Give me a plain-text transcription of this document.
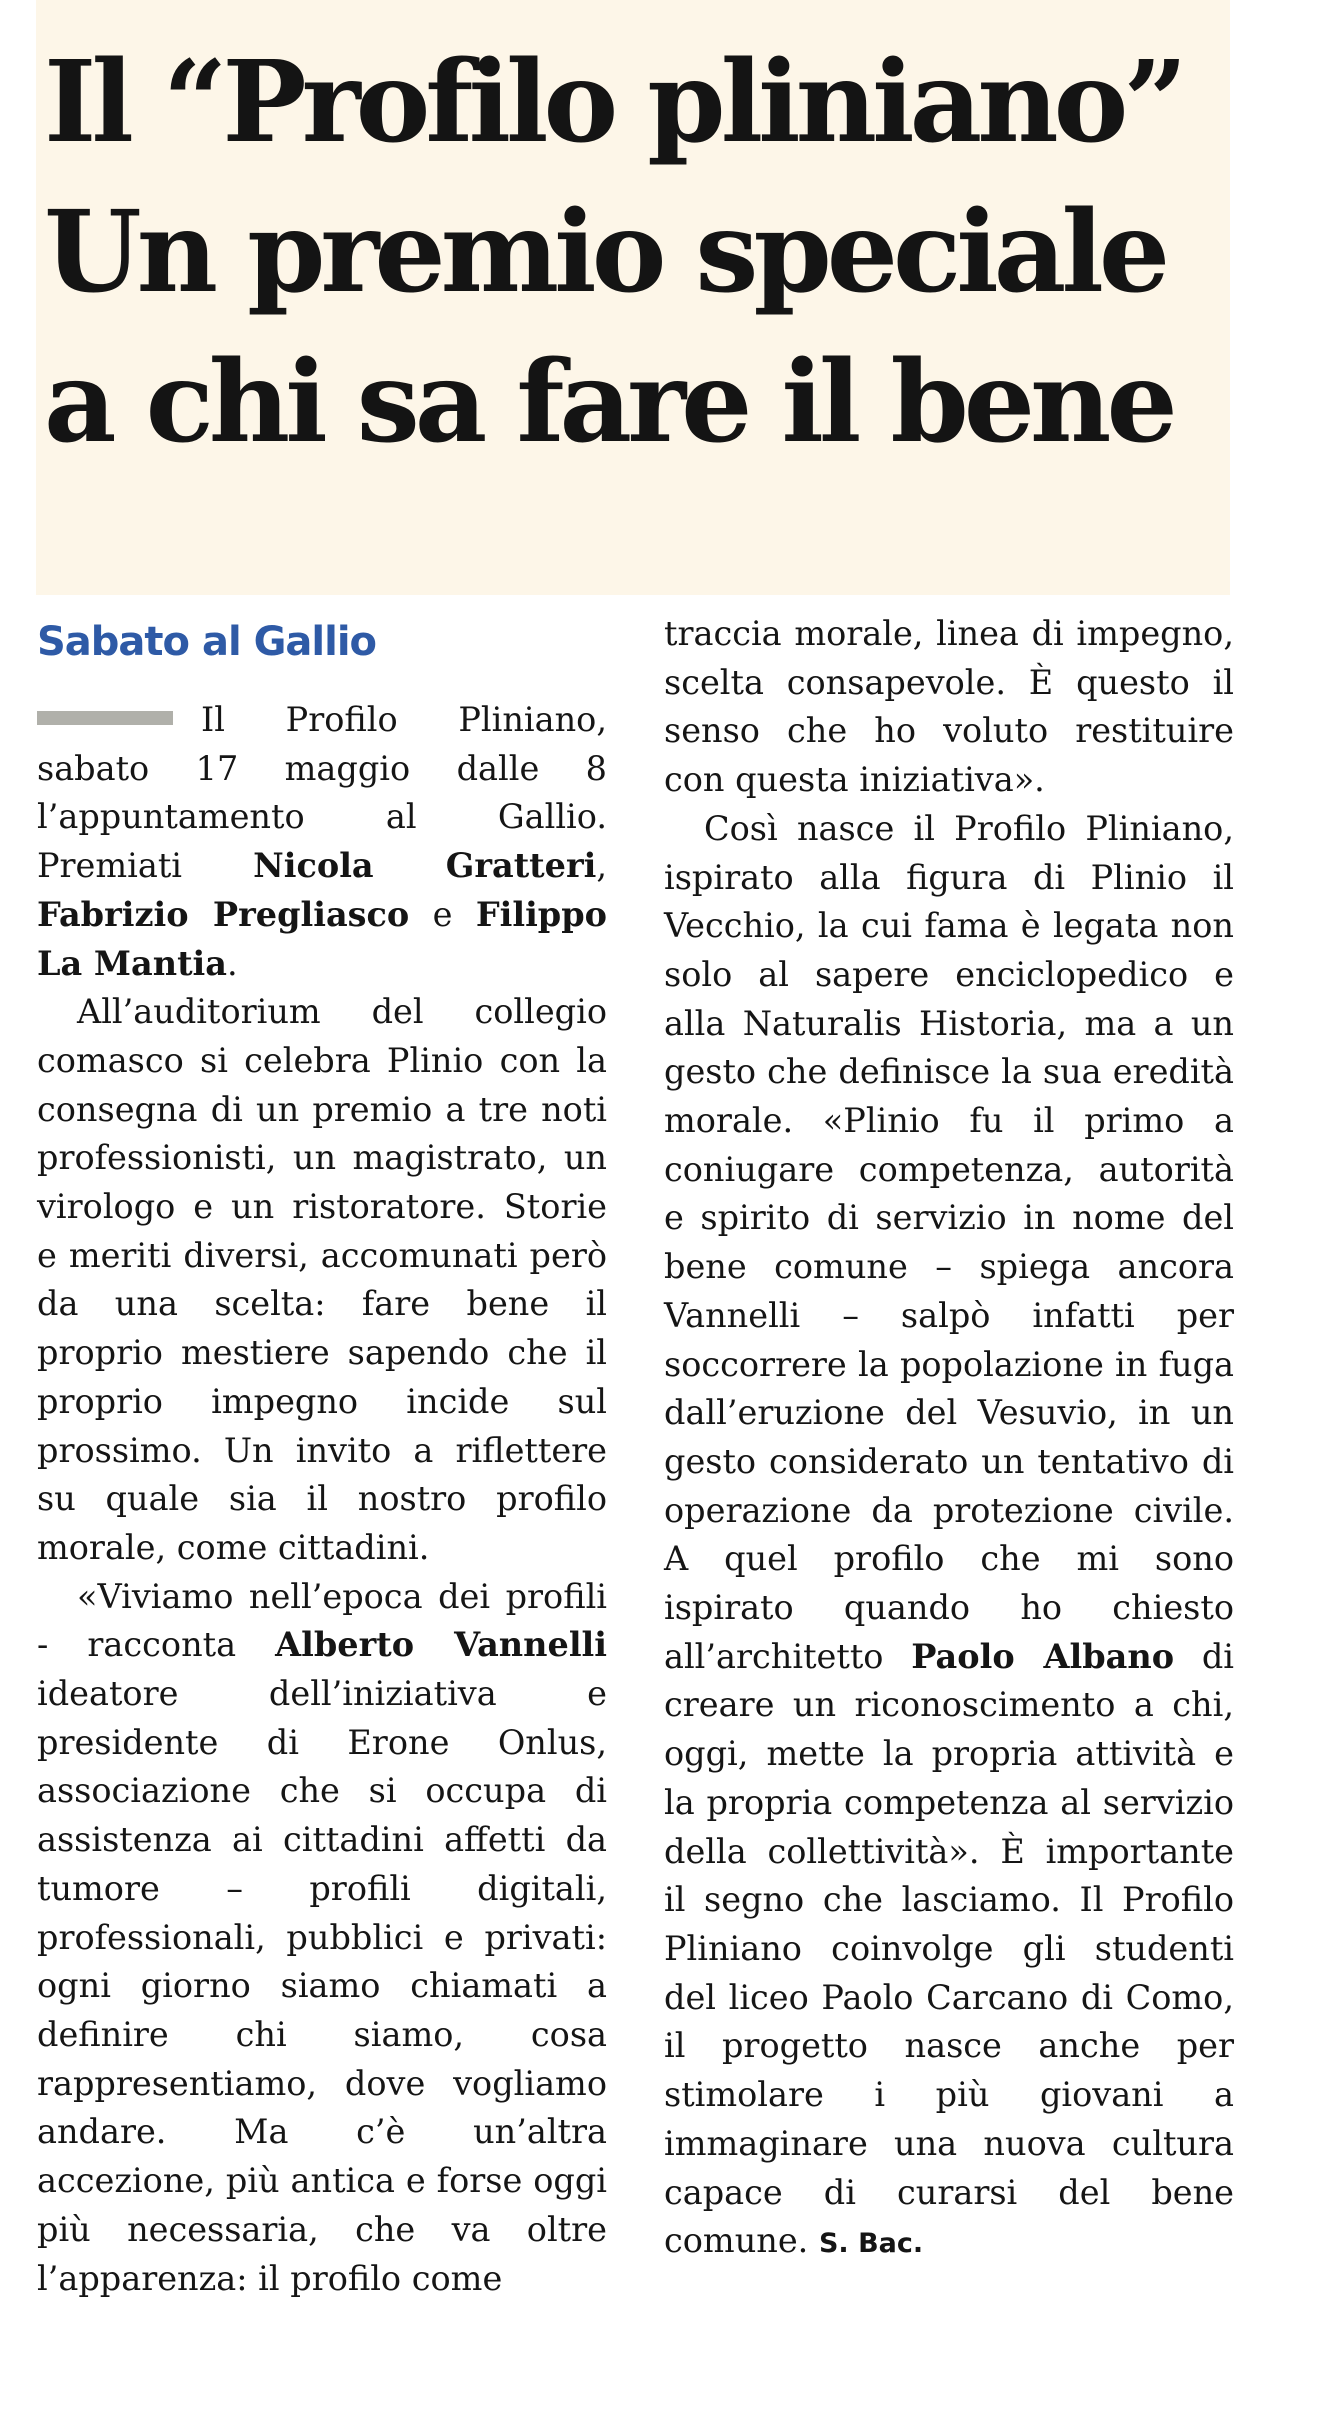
Il “Profilo pliniano”
Un premio speciale
a chi sa fare il bene
Sabato al Gallio

Il Profilo Pliniano, sabato 17 maggio dalle 8 l’appuntamento al Gallio. Premiati Nicola Gratteri, Fabrizio Pregliasco e Filippo La Mantia.

All’auditorium del collegio comasco si celebra Plinio con la consegna di un premio a tre noti professionisti, un magistrato, un virologo e un ristoratore. Storie e meriti diversi, accomunati però da una scelta: fare bene il proprio mestiere sapendo che il proprio impegno incide sul prossimo. Un invito a riflettere su quale sia il nostro profilo morale, come cittadini.

«Viviamo nell’epoca dei profili - racconta Alberto Vannelli ideatore dell’iniziativa e presidente di Erone Onlus, associazione che si occupa di assistenza ai cittadini affetti da tumore – profili digitali, professionali, pubblici e privati: ogni giorno siamo chiamati a definire chi siamo, cosa rappresentiamo, dove vogliamo andare. Ma c’è un’altra accezione, più antica e forse oggi più necessaria, che va oltre l’apparenza: il profilo come

traccia morale, linea di impegno, scelta consapevole. È questo il senso che ho voluto restituire con questa iniziativa».

Così nasce il Profilo Pliniano, ispirato alla figura di Plinio il Vecchio, la cui fama è legata non solo al sapere enciclopedico e alla Naturalis Historia, ma a un gesto che definisce la sua eredità morale. «Plinio fu il primo a coniugare competenza, autorità e spirito di servizio in nome del bene comune – spiega ancora Vannelli – salpò infatti per soccorrere la popolazione in fuga dall’eruzione del Vesuvio, in un gesto considerato un tentativo di operazione da protezione civile. A quel profilo che mi sono ispirato quando ho chiesto all’architetto Paolo Albano di creare un riconoscimento a chi, oggi, mette la propria attività e la propria competenza al servizio della collettività». È importante il segno che lasciamo. Il Profilo Pliniano coinvolge gli studenti del liceo Paolo Carcano di Como, il progetto nasce anche per stimolare i più giovani a immaginare una nuova cultura capace di curarsi del bene comune. S. Bac.
